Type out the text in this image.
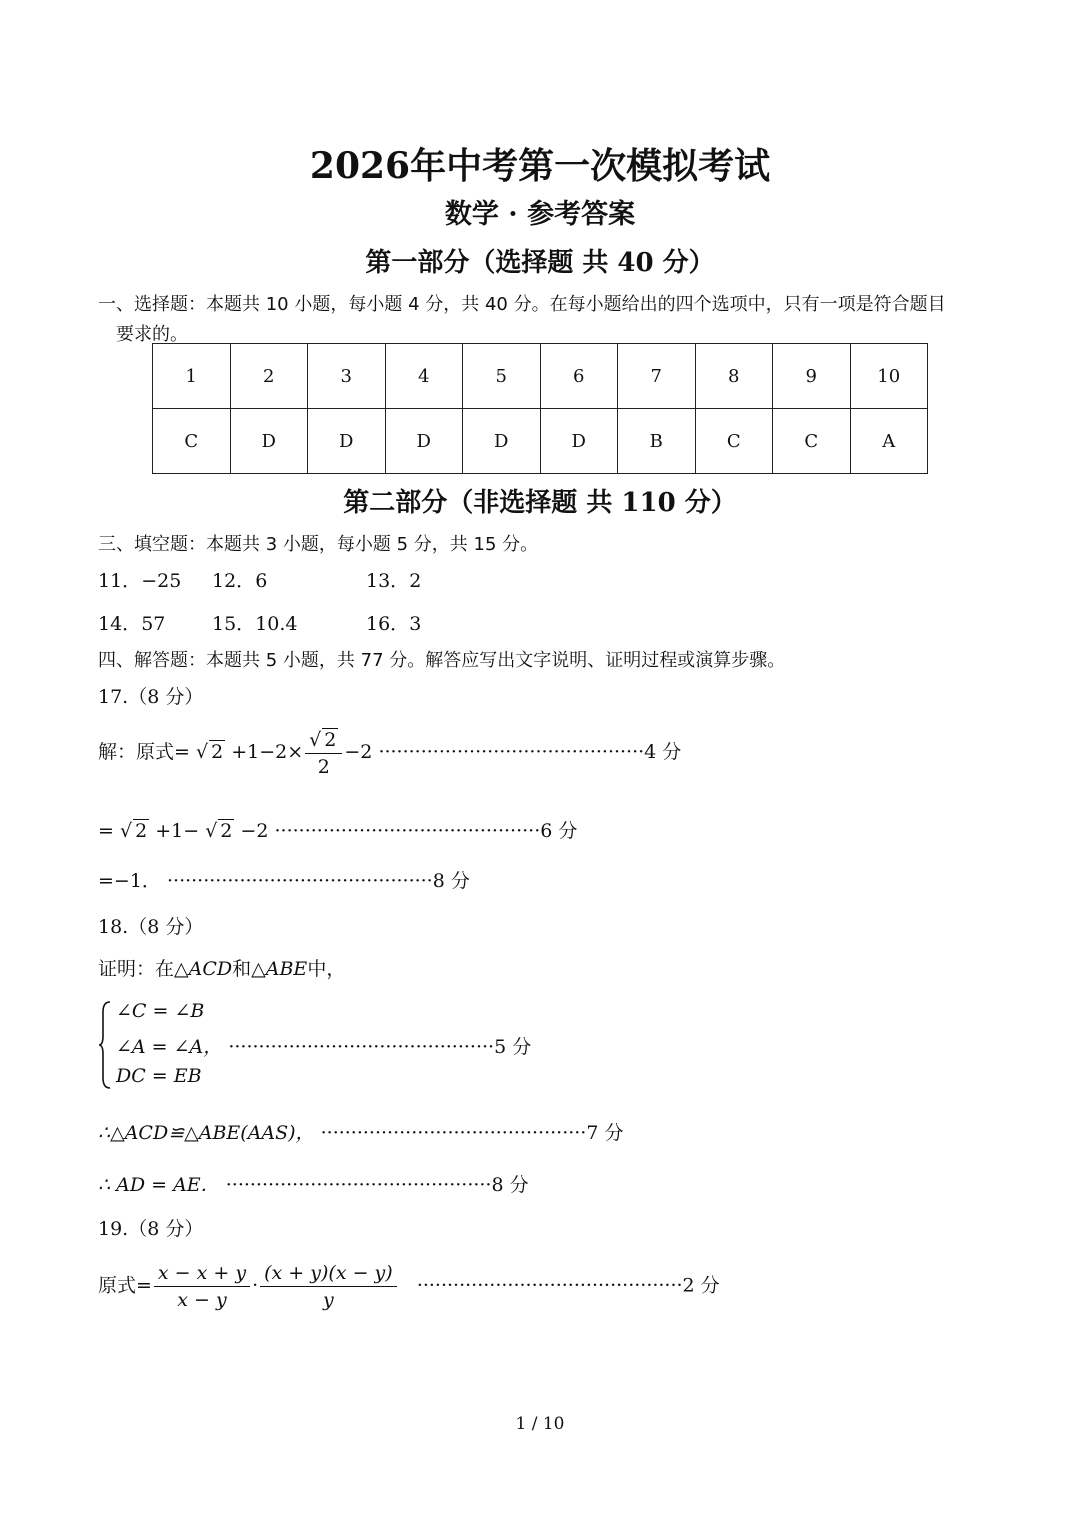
2026年中考第一次模拟考试
数学 · 参考答案
第一部分（选择题 共 40 分）
一、选择题：本题共 10 小题，每小题 4 分，共 40 分。在每小题给出的四个选项中，只有一项是符合题目
要求的。
1	2	3	4	5	6	7	8	9	10
C	D	D	D	D	D	B	C	C	A
第二部分（非选择题 共 110 分）
三、填空题：本题共 3 小题，每小题 5 分，共 15 分。
11．−25 12．6	13．2
14．57 15．10.4	16．3
四、解答题：本题共 5 小题，共 77 分。解答应写出文字说明、证明过程或演算步骤。
17.（8 分）
解：原式= √ $2 +1-2\times \frac{√ 2}{2} -2 \cdot\cdot\cdot\cdot\cdot\cdot\cdot\cdot\cdot\cdot\cdot\cdot\cdot\cdot\cdot\cdot\cdot\cdot\cdot\cdot\cdot\cdot\cdot\cdot\cdot\cdot\cdot\cdot\cdot\cdot\cdot\cdot\cdot\cdot\cdot\cdot\cdot\cdot\cdot\cdot\cdot\cdot\cdot\cdot 4$ 分
= √ 2 +1− √ 2 −2 ············································6 分
=−1． ············································8 分
18.（8 分）
证明：在△ACD和△ABE中，
∠C = ∠B
∠A = ∠A， ············································5 分
DC = EB
∴△ACD≌△ABE(AAS)， ············································7 分
∴ AD = AE． ············································8 分
19.（8 分）
原式= $\frac{x - x + y}{x - y} \cdot \frac{(x + y)(x - y)}{y} \cdot\cdot\cdot\cdot\cdot\cdot\cdot\cdot\cdot\cdot\cdot\cdot\cdot\cdot\cdot\cdot\cdot\cdot\cdot\cdot\cdot\cdot\cdot\cdot\cdot\cdot\cdot\cdot\cdot\cdot\cdot\cdot\cdot\cdot\cdot\cdot\cdot\cdot\cdot\cdot\cdot\cdot\cdot\cdot 2$ 分
1 / 10
